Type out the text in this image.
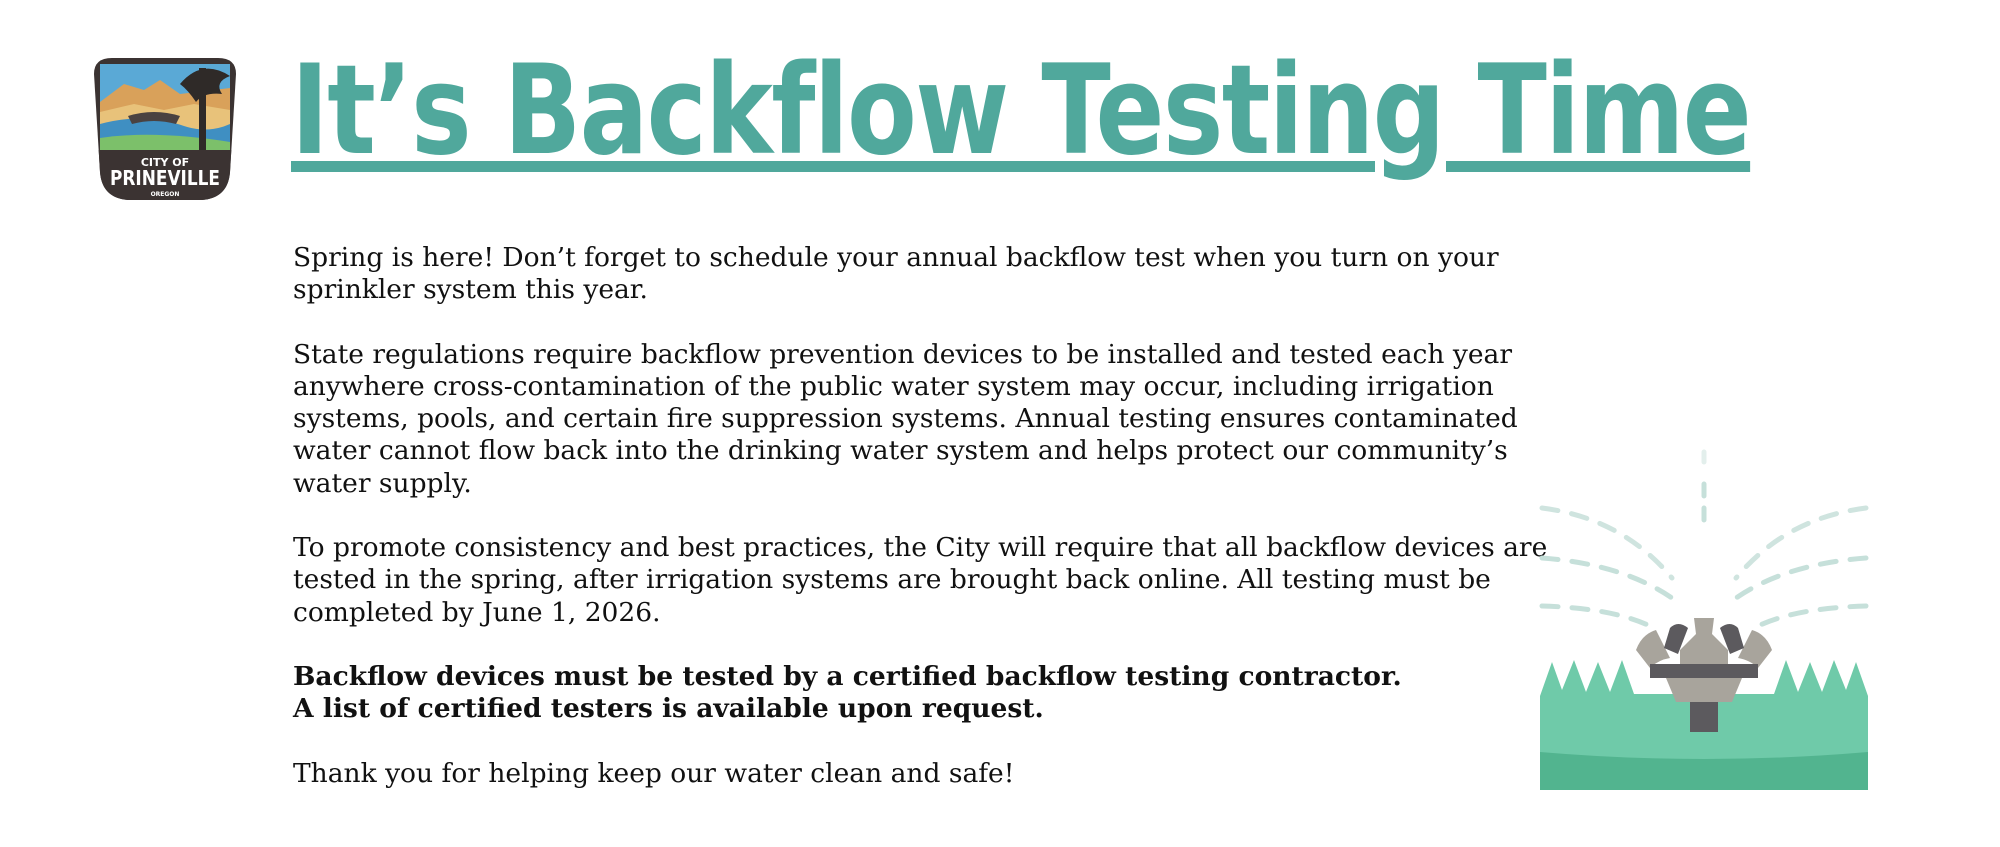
CITY OF
PRINEVILLE
OREGON
It’s Backflow Testing Time

Spring is here! Don’t forget to schedule your annual backflow test when you turn on your sprinkler system this year.

State regulations require backflow prevention devices to be installed and tested each year anywhere cross-contamination of the public water system may occur, including irrigation systems, pools, and certain fire suppression systems. Annual testing ensures contaminated water cannot flow back into the drinking water system and helps protect our community’s water supply.

To promote consistency and best practices, the City will require that all backflow devices are tested in the spring, after irrigation systems are brought back online. All testing must be completed by June 1, 2026.

Backflow devices must be tested by a certified backflow testing contractor.
A list of certified testers is available upon request.

Thank you for helping keep our water clean and safe!
